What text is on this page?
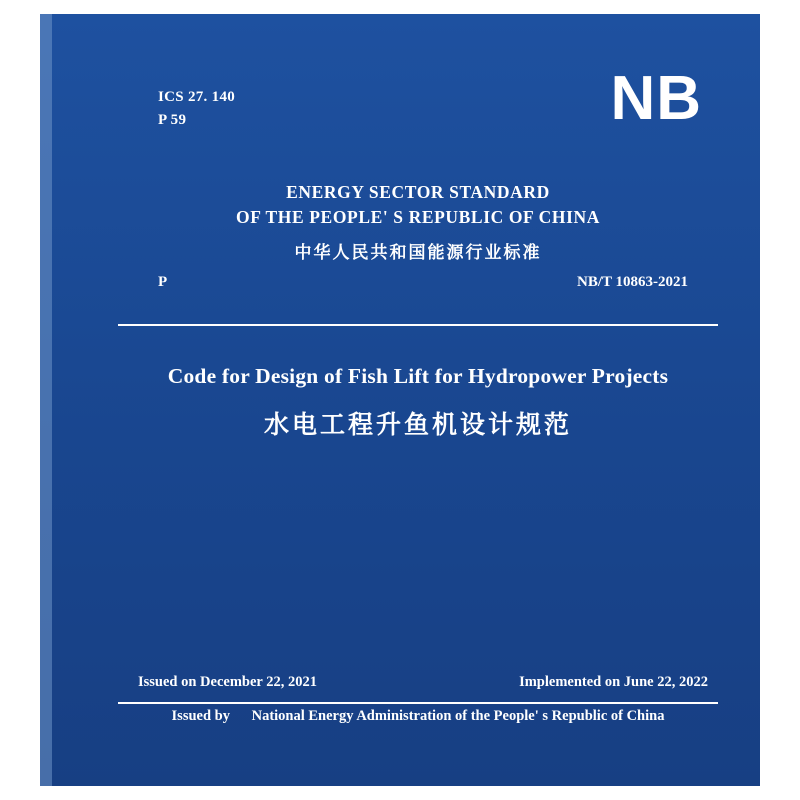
ICS 27. 140
P 59	NB
ENERGY SECTOR STANDARD
OF THE PEOPLE' S REPUBLIC OF CHINA
中华人民共和国能源行业标准
P	NB/T 10863-2021
Code for Design of Fish Lift for Hydropower Projects
水电工程升鱼机设计规范
Issued on December 22, 2021	Implemented on June 22, 2022
Issued by National Energy Administration of the People' s Republic of China
